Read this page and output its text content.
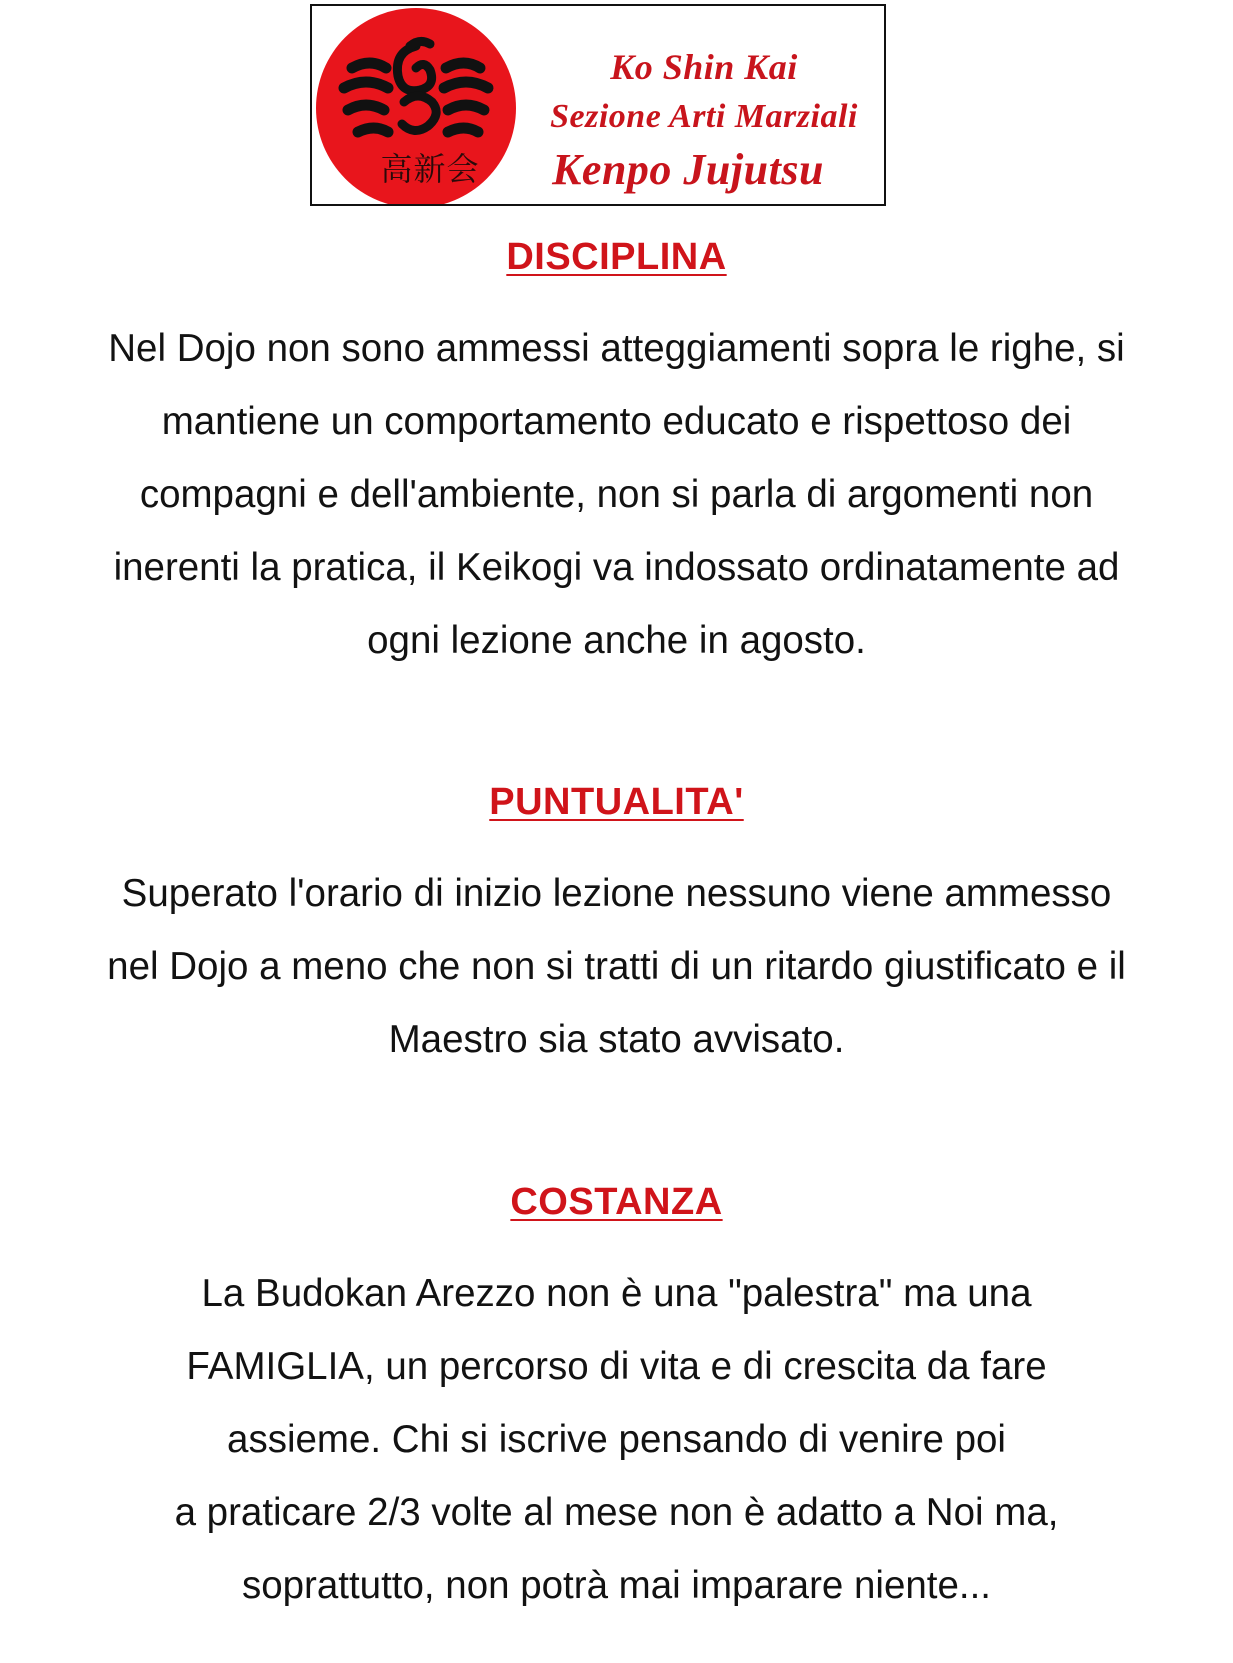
高新会
Ko Shin Kai
Sezione Arti Marziali
Kenpo Jujutsu
DISCIPLINA
Nel Dojo non sono ammessi atteggiamenti sopra le righe, si
mantiene un comportamento educato e rispettoso dei
compagni e dell'ambiente, non si parla di argomenti non
inerenti la pratica, il Keikogi va indossato ordinatamente ad
ogni lezione anche in agosto.
PUNTUALITA'
Superato l'orario di inizio lezione nessuno viene ammesso
nel Dojo a meno che non si tratti di un ritardo giustificato e il
Maestro sia stato avvisato.
COSTANZA
La Budokan Arezzo non è una "palestra" ma una
FAMIGLIA, un percorso di vita e di crescita da fare
assieme. Chi si iscrive pensando di venire poi
a praticare 2/3 volte al mese non è adatto a Noi ma,
soprattutto, non potrà mai imparare niente...
